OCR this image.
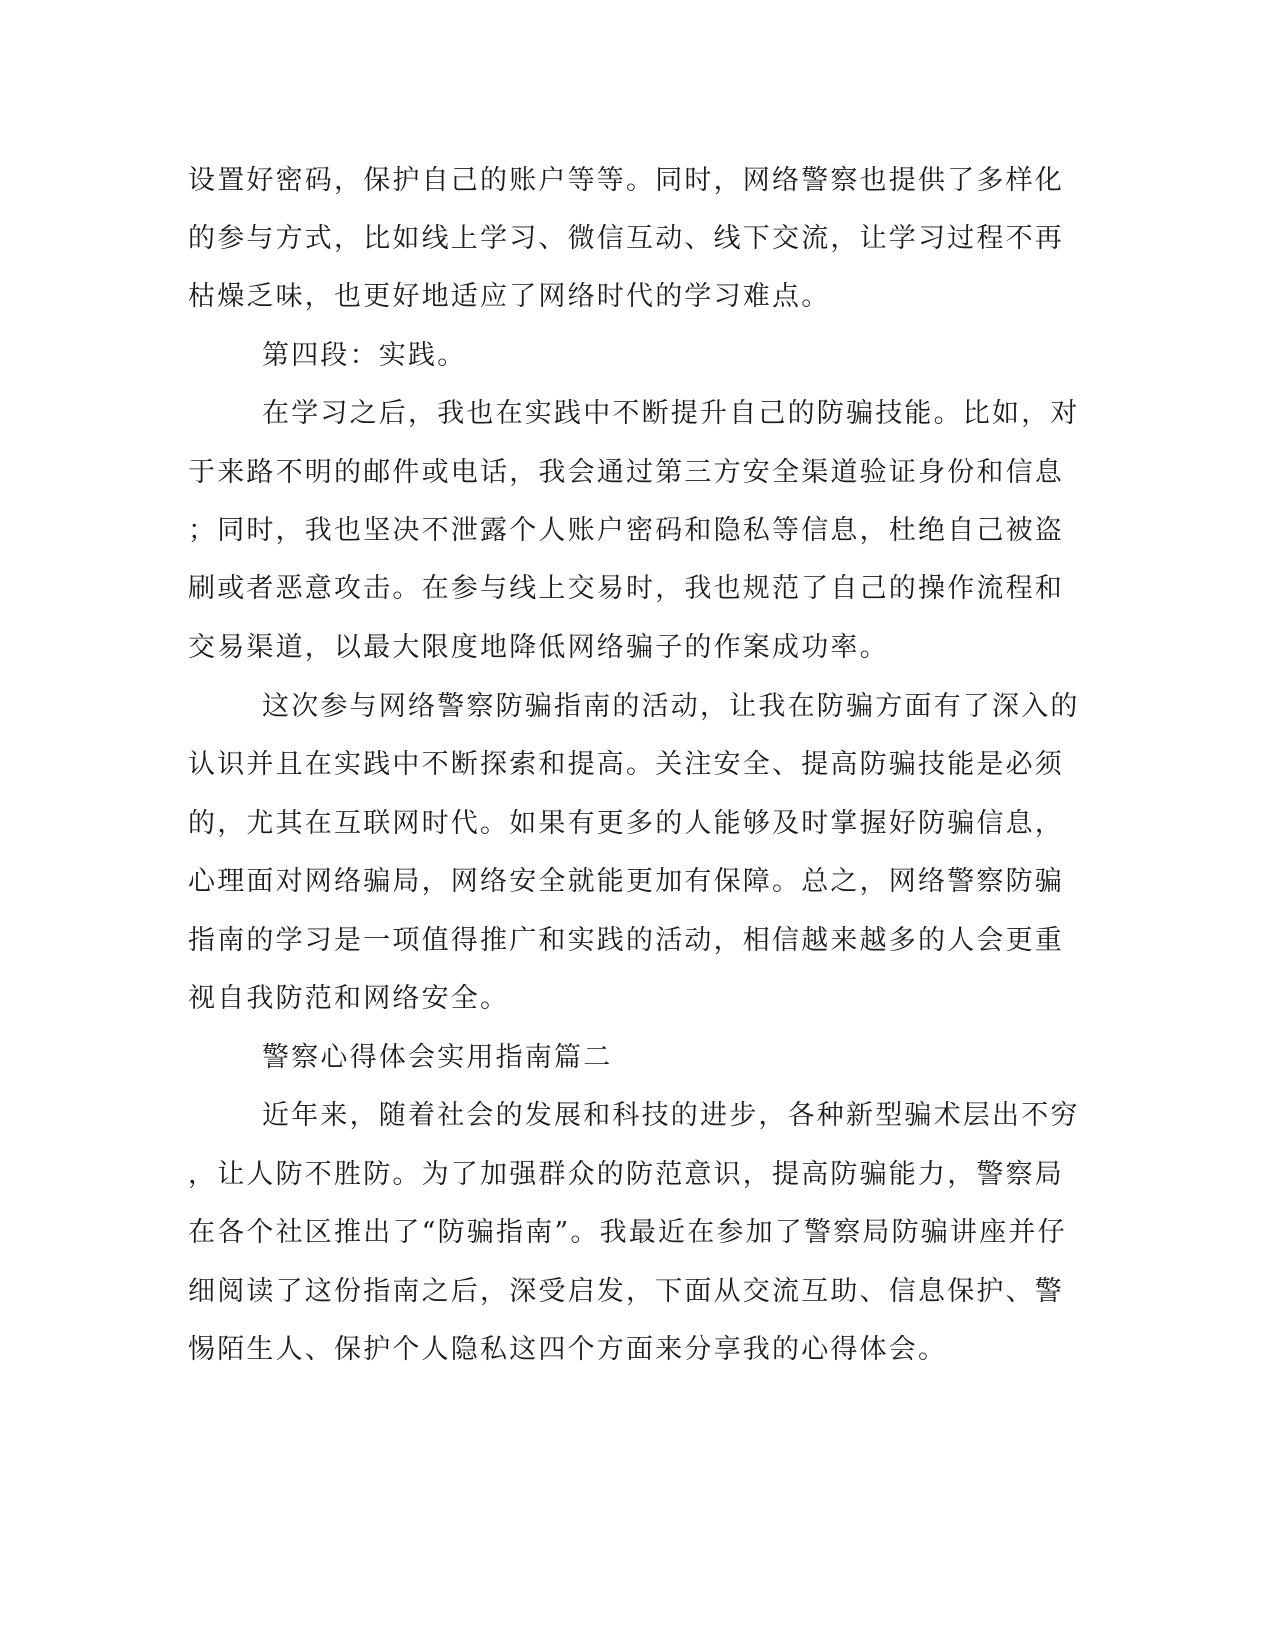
设置好密码，保护自己的账户等等。同时，网络警察也提供了多样化
的参与方式，比如线上学习、微信互动、线下交流，让学习过程不再
枯燥乏味，也更好地适应了网络时代的学习难点。
第四段：实践。
在学习之后，我也在实践中不断提升自己的防骗技能。比如，对
于来路不明的邮件或电话，我会通过第三方安全渠道验证身份和信息
；同时，我也坚决不泄露个人账户密码和隐私等信息，杜绝自己被盗
刷或者恶意攻击。在参与线上交易时，我也规范了自己的操作流程和
交易渠道，以最大限度地降低网络骗子的作案成功率。
这次参与网络警察防骗指南的活动，让我在防骗方面有了深入的
认识并且在实践中不断探索和提高。关注安全、提高防骗技能是必须
的，尤其在互联网时代。如果有更多的人能够及时掌握好防骗信息，
心理面对网络骗局，网络安全就能更加有保障。总之，网络警察防骗
指南的学习是一项值得推广和实践的活动，相信越来越多的人会更重
视自我防范和网络安全。
警察心得体会实用指南篇二
近年来，随着社会的发展和科技的进步，各种新型骗术层出不穷
，让人防不胜防。为了加强群众的防范意识，提高防骗能力，警察局
在各个社区推出了“防骗指南”。我最近在参加了警察局防骗讲座并仔
细阅读了这份指南之后，深受启发，下面从交流互助、信息保护、警
惕陌生人、保护个人隐私这四个方面来分享我的心得体会。
